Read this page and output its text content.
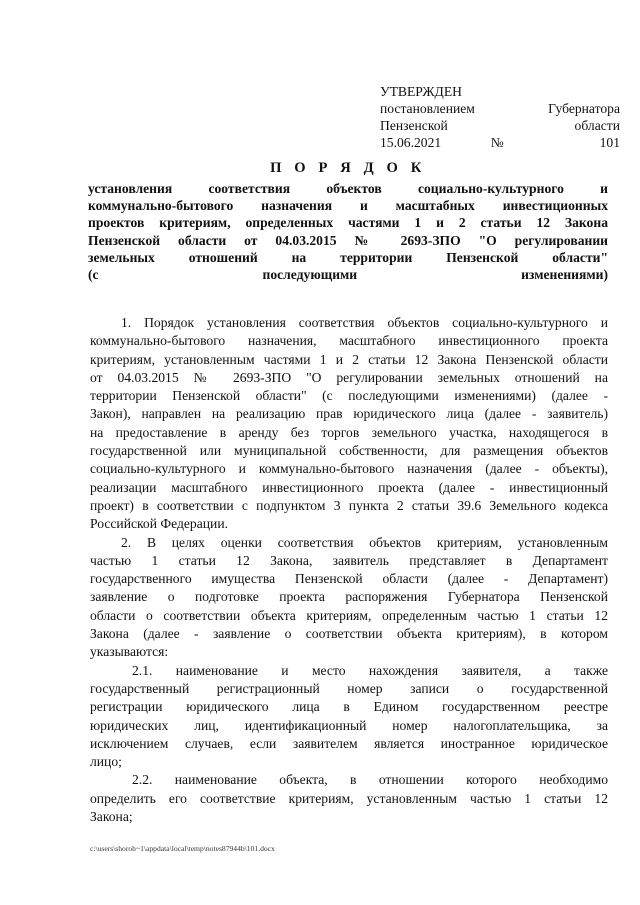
УТВЕРЖДЕН
постановлением Губернатора
Пензенской области
15.06.2021 № 101
П О Р Я Д О К
установления соответствия объектов социально-культурного и
коммунально-бытового назначения и масштабных инвестиционных
проектов критериям, определенных частями 1 и 2 статьи 12 Закона
Пензенской области от 04.03.2015 № 2693-ЗПО "О регулировании
земельных отношений на территории Пензенской области"
(с последующими изменениями)
1. Порядок установления соответствия объектов социально-культурного и
коммунально-бытового назначения, масштабного инвестиционного проекта
критериям, установленным частями 1 и 2 статьи 12 Закона Пензенской области
от 04.03.2015 № 2693-ЗПО "О регулировании земельных отношений на
территории Пензенской области" (с последующими изменениями) (далее -
Закон), направлен на реализацию прав юридического лица (далее - заявитель)
на предоставление в аренду без торгов земельного участка, находящегося в
государственной или муниципальной собственности, для размещения объектов
социально-культурного и коммунально-бытового назначения (далее - объекты),
реализации масштабного инвестиционного проекта (далее - инвестиционный
проект) в соответствии с подпунктом 3 пункта 2 статьи 39.6 Земельного кодекса
Российской Федерации.
2. В целях оценки соответствия объектов критериям, установленным
частью 1 статьи 12 Закона, заявитель представляет в Департамент
государственного имущества Пензенской области (далее - Департамент)
заявление о подготовке проекта распоряжения Губернатора Пензенской
области о соответствии объекта критериям, определенным частью 1 статьи 12
Закона (далее - заявление о соответствии объекта критериям), в котором
указываются:
2.1. наименование и место нахождения заявителя, а также
государственный регистрационный номер записи о государственной
регистрации юридического лица в Едином государственном реестре
юридических лиц, идентификационный номер налогоплательщика, за
исключением случаев, если заявителем является иностранное юридическое
лицо;
2.2. наименование объекта, в отношении которого необходимо
определить его соответствие критериям, установленным частью 1 статьи 12
Закона;
c:\users\shoroh~1\appdata\local\temp\notes87944b\101.docx
